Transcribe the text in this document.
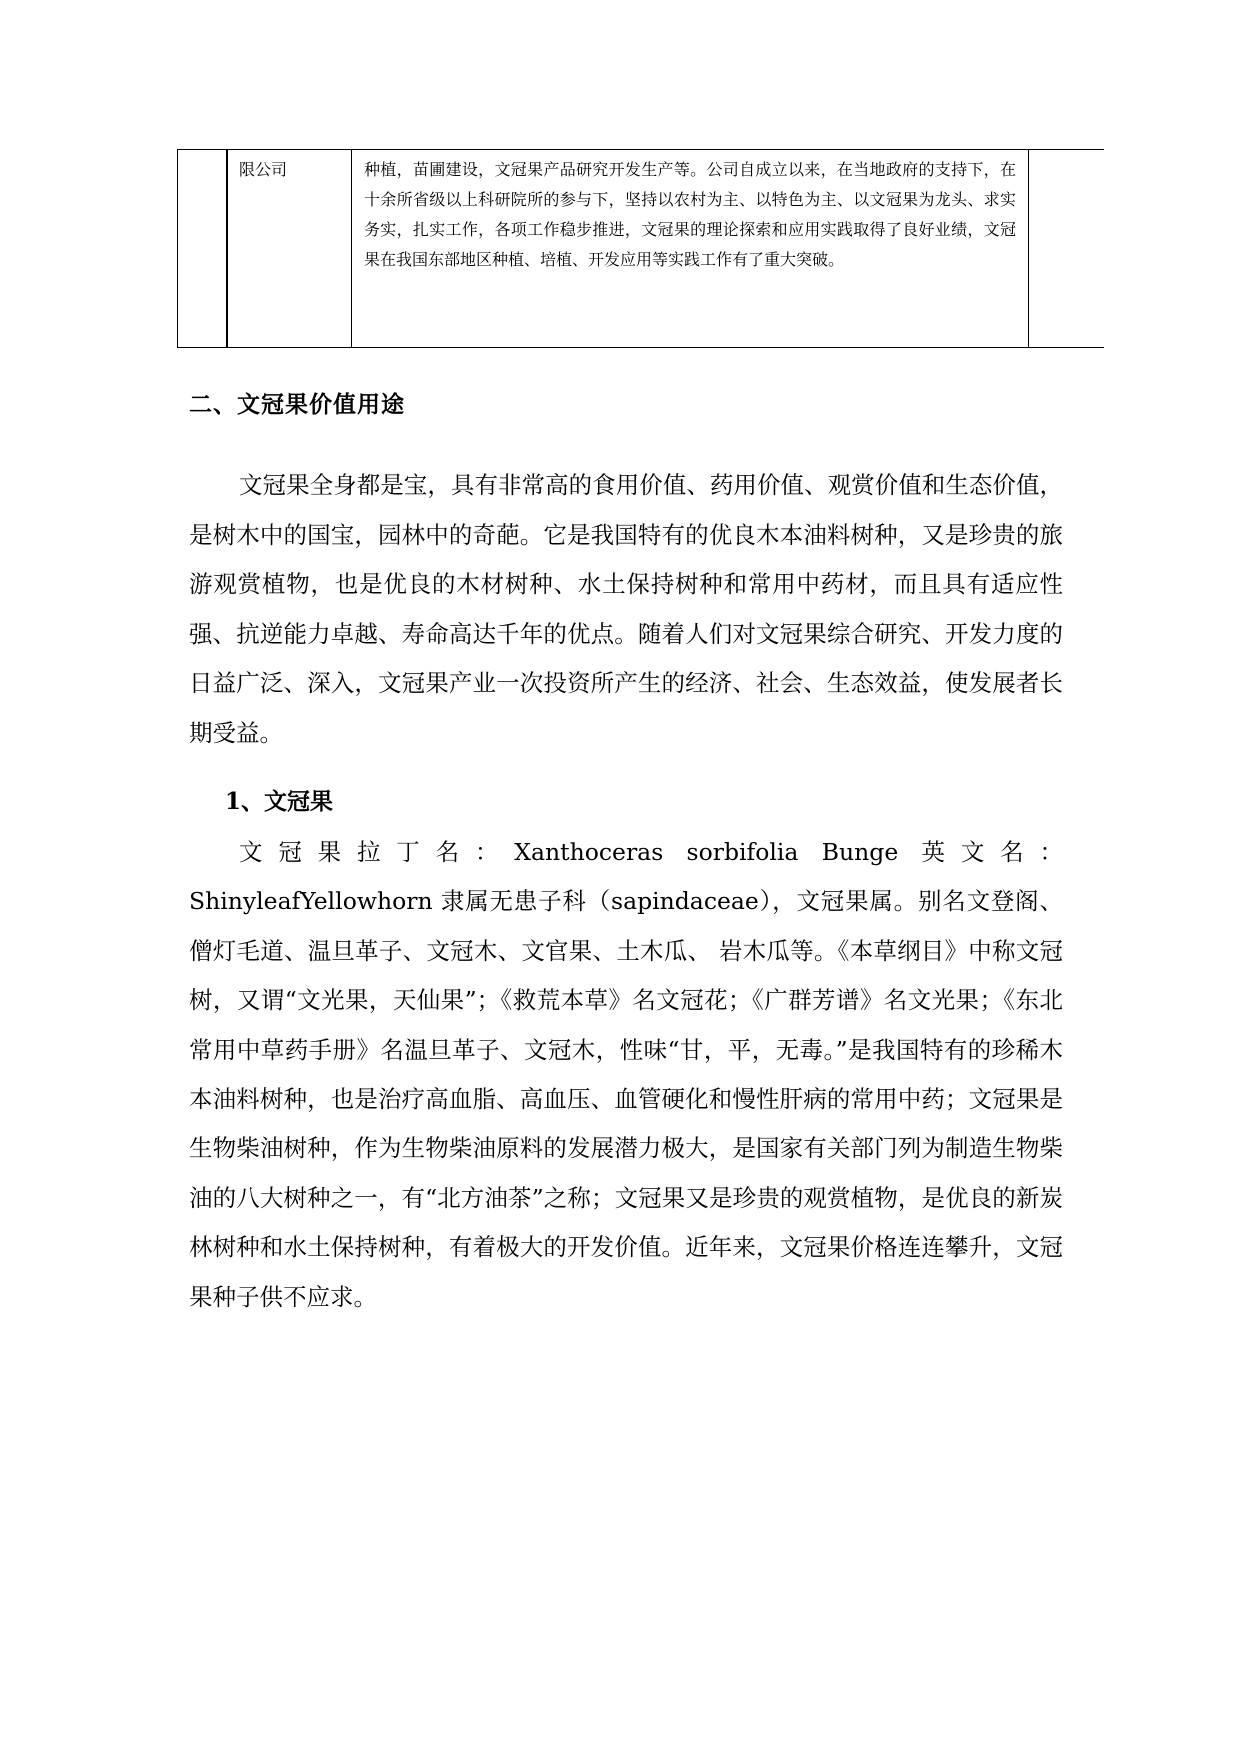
	限公司	种植，苗圃建设，文冠果产品研究开发生产等。公司自成立以来，在当地政府的支持下，在十余所省级以上科研院所的参与下，坚持以农村为主、以特色为主、以文冠果为龙头、求实务实，扎实工作，各项工作稳步推进，文冠果的理论探索和应用实践取得了良好业绩，文冠果在我国东部地区种植、培植、开发应用等实践工作有了重大突破。	
二、文冠果价值用途

文冠果全身都是宝，具有非常高的食用价值、药用价值、观赏价值和生态价值，是树木中的国宝，园林中的奇葩。它是我国特有的优良木本油料树种，又是珍贵的旅游观赏植物，也是优良的木材树种、水土保持树种和常用中药材，而且具有适应性强、抗逆能力卓越、寿命高达千年的优点。随着人们对文冠果综合研究、开发力度的日益广泛、深入，文冠果产业一次投资所产生的经济、社会、生态效益，使发展者长期受益。

1、文冠果

文冠果拉丁名：Xanthoceras sorbifolia Bunge 英文名： ShinyleafYellowhorn 隶属无患子科（sapindaceae），文冠果属。别名文登阁、僧灯毛道、温旦革子、文冠木、文官果、土木瓜、 岩木瓜等。《本草纲目》中称文冠树，又谓“文光果，天仙果”；《救荒本草》名文冠花；《广群芳谱》名文光果；《东北常用中草药手册》名温旦革子、文冠木，性味“甘，平，无毒。”是我国特有的珍稀木本油料树种，也是治疗高血脂、高血压、血管硬化和慢性肝病的常用中药；文冠果是生物柴油树种，作为生物柴油原料的发展潜力极大，是国家有关部门列为制造生物柴油的八大树种之一，有“北方油茶”之称；文冠果又是珍贵的观赏植物，是优良的新炭林树种和水土保持树种，有着极大的开发价值。近年来，文冠果价格连连攀升，文冠果种子供不应求。
